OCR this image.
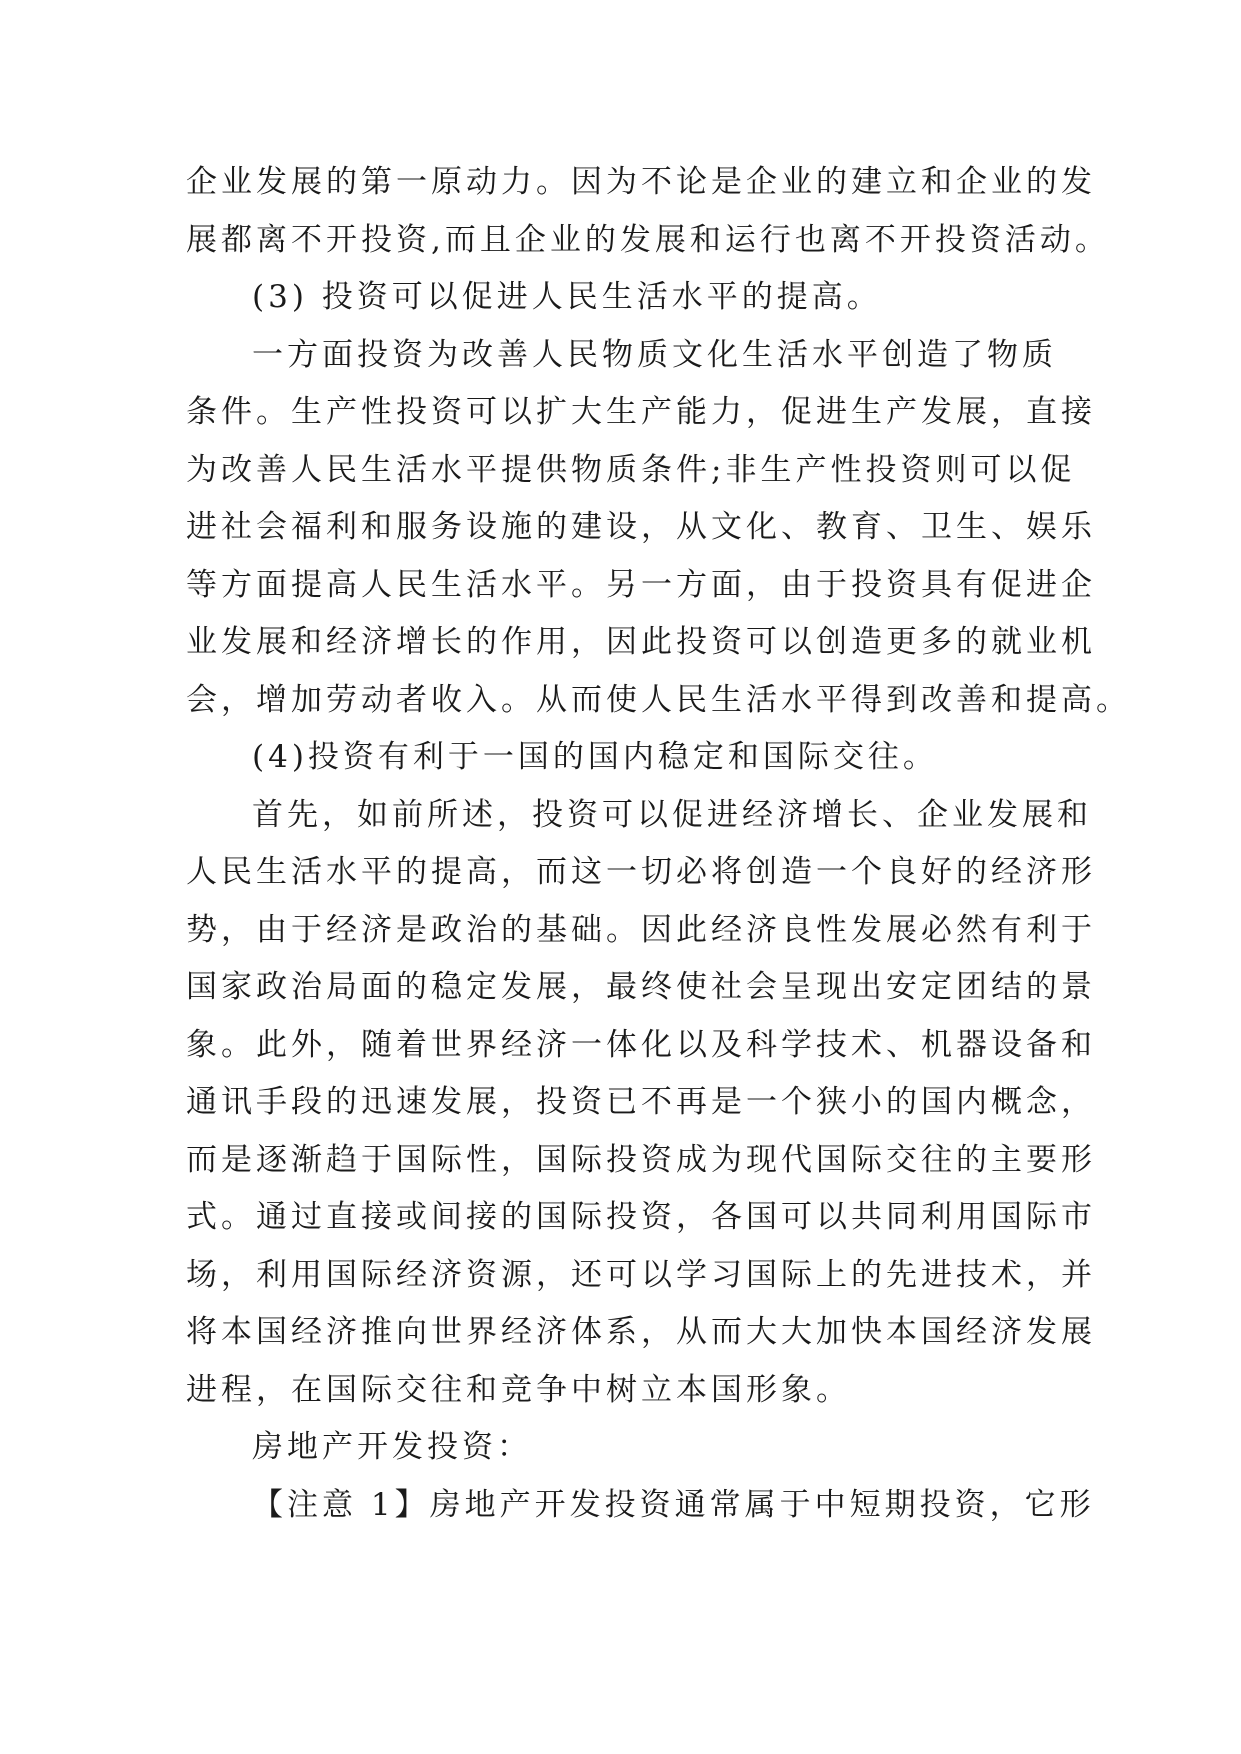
企业发展的第一原动力。因为不论是企业的建立和企业的发
展都离不开投资,而且企业的发展和运行也离不开投资活动。
(3) 投资可以促进人民生活水平的提高。
一方面投资为改善人民物质文化生活水平创造了物质
条件。生产性投资可以扩大生产能力，促进生产发展，直接
为改善人民生活水平提供物质条件;非生产性投资则可以促
进社会福利和服务设施的建设，从文化、教育、卫生、娱乐
等方面提高人民生活水平。另一方面，由于投资具有促进企
业发展和经济增长的作用，因此投资可以创造更多的就业机
会，增加劳动者收入。从而使人民生活水平得到改善和提高。
(4)投资有利于一国的国内稳定和国际交往。
首先，如前所述，投资可以促进经济增长、企业发展和
人民生活水平的提高，而这一切必将创造一个良好的经济形
势，由于经济是政治的基础。因此经济良性发展必然有利于
国家政治局面的稳定发展，最终使社会呈现出安定团结的景
象。此外，随着世界经济一体化以及科学技术、机器设备和
通讯手段的迅速发展，投资已不再是一个狭小的国内概念，
而是逐渐趋于国际性，国际投资成为现代国际交往的主要形
式。通过直接或间接的国际投资，各国可以共同利用国际市
场，利用国际经济资源，还可以学习国际上的先进技术，并
将本国经济推向世界经济体系，从而大大加快本国经济发展
进程，在国际交往和竞争中树立本国形象。
房地产开发投资：
【注意 1】房地产开发投资通常属于中短期投资，它形
